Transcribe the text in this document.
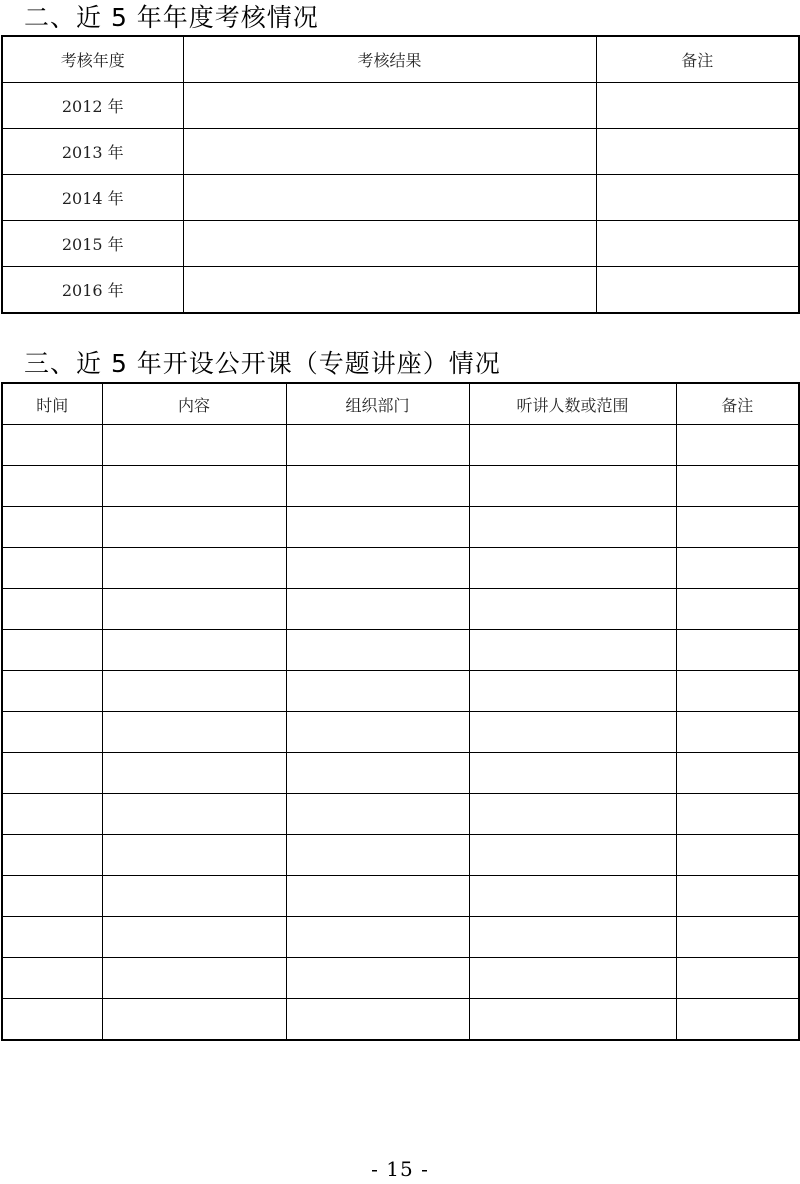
二、近 5 年年度考核情况
考核年度	考核结果	备注
2012 年		
2013 年		
2014 年		
2015 年		
2016 年		
三、近 5 年开设公开课（专题讲座）情况
时间	内容	组织部门	听讲人数或范围	备注

- 15 -
